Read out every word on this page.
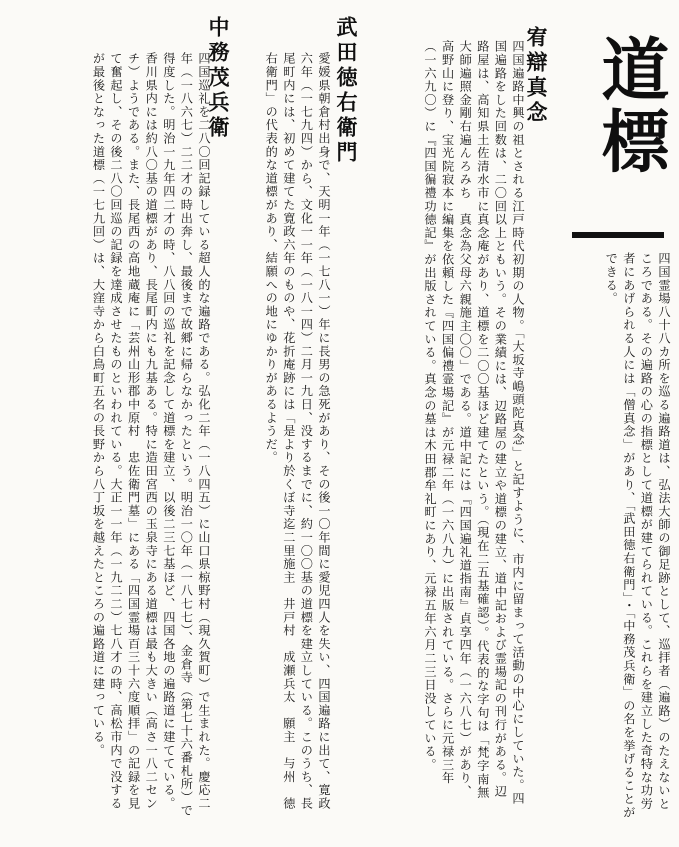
道標
四国霊場八十八カ所を巡る遍路道は、弘法大師の御足跡として、巡拝者（遍路）のたえないところである。その遍路の心の指標として道標が建てられている。これらを建立した奇特な功労者にあげられる人には「僧真念」があり、「武田徳右衛門」・「中務茂兵衛」の名を挙げることができる。
宥辯真念
四国遍路中興の祖とされる江戸時代初期の人物。「大坂寺嶋頭陀真念」と記すように、市内に留まって活動の中心にしていた。四国遍路をした回数は、二〇回以上ともいう。その業績には、辺路屋の建立や道標の建立、道中記および霊場記の刊行がある。辺路屋は、高知県土佐清水市に真念庵があり、道標を二〇〇基ほど建てたという。（現在二五基確認）。代表的な字句は「梵字南無大師遍照金剛右遍んろみち　真念為父母六親施主〇〇」である。道中記には『四国遍礼道指南』貞享四年（一六八七）があり、高野山に登り、宝光院寂本に編集を依頼した『四国偏禮霊場記』が元禄二年（一六八九）に出版されている。さらに元禄三年（一六九〇）に『四国徧禮功徳記』が出版されている。真念の墓は木田郡牟礼町にあり、元禄五年六月二三日没している。
武田徳右衛門
愛媛県朝倉村出身で、天明一年（一七八一）年に長男の急死があり、その後一〇年間に愛児四人を失い、四国遍路に出て、寛政六年（一七九四）から、文化一一年（一八一四）二月一九日、没するまでに、約一〇〇基の道標を建立している。このうち、長尾町内には、初めて建てた寛政六年のものや、花折庵跡には「是より於くぼ寺迄二里施主　井戸村　成瀬兵太　願主　与州　徳右衛門」の代表的な道標があり、結願への地にゆかりがあるようだ。
中務茂兵衛
四国巡礼を二八〇回記録している超人的な遍路である。弘化二年（一八四五）に山口県椋野村（現久賀町）で生まれた。慶応二年（一八六七）二二才の時出奔し、最後まで故郷に帰らなかったという。明治一〇年（一八七七）、金倉寺（第七十六番札所）で得度した。明治一九年四二才の時、八八回の巡礼を記念して道標を建立、以後二三七基ほど、四国各地の遍路道に建てている。香川県内には約八〇基の道標があり、長尾町内にも九基ある。特に造田宮西の玉泉寺にある道標は最も大きい（高さ一八二センチ）ようである。また、長尾西の高地蔵庵に「芸州山形郡中原村　忠佐衛門墓」にある「四国霊場百三十六度順拝」の記録を見て奮起し、その後二八〇回巡の記録を達成させたものといわれている。大正一一年（一九二二）七八才の時、高松市内で没するが最後となった道標（一七九回）は、大窪寺から白鳥町五名の長野から八丁坂を越えたところの遍路道に建っている。
